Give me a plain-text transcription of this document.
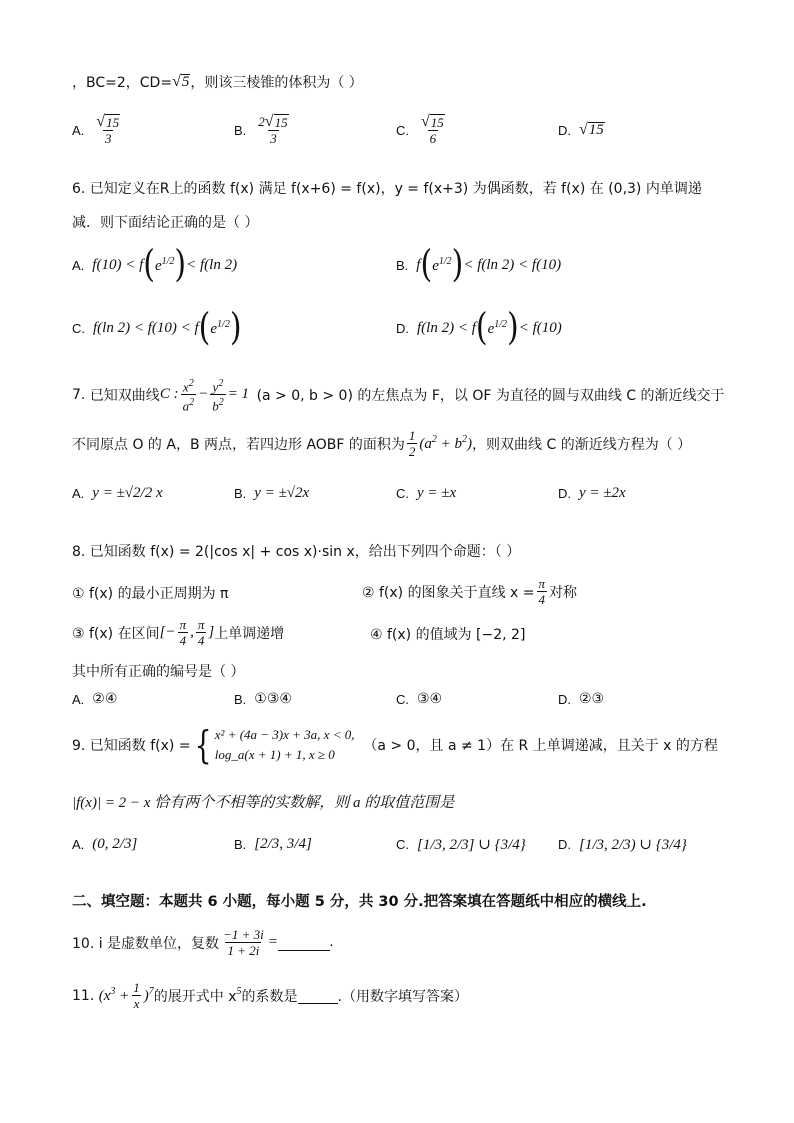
，BC=2，CD= √ 5 ，则该三棱锥的体积为（ ）
A. $\frac{√ 15}{3}$	B. $\frac{2 √ 15}{3}$	C. $\frac{√ 15}{6}$	D. √ 15
6. 已知定义在R上的函数 f(x) 满足 f(x+6) = f(x)，y = f(x+3) 为偶函数，若 f(x) 在 (0,3) 内单调递
减．则下面结论正确的是（ ）
A. f(10) < f ( $e^{1/2}$ ) < f(ln 2)	B. f ( $e^{1/2}$ ) < f(ln 2) < f(10)
C. f(ln 2) < f(10) < f ( $e^{1/2}$ )	D. f(ln 2) < f ( $e^{1/2}$ ) < f(10)
7.
已知双曲线 C : $\frac{x^2}{a^2} - \frac{y^2}{b^2} = 1$ (a > 0, b > 0) 的左焦点为 F，以 OF 为直径的圆与双曲线 C 的渐近线交于
不同原点 O 的 A，B 两点，若四边形 AOBF 的面积为 $\frac{1}{2} (a^2 + b^2)$ ，则双曲线 C 的渐近线方程为（ ）
A. y = ±√2/2 x	B. y = ±√2x	C. y = ±x	D. y = ±2x
8. 已知函数 f(x) = 2(|cos x| + cos x)·sin x，给出下列四个命题：（ ）
① f(x) 的最小正周期为 π	② f(x) 的图象关于直线 $x = \frac{\pi}{4}$ 对称
③ f(x) 在区间 [− $\frac{\pi}{4}$ , $\frac{\pi}{4}$ ] 上单调递增	④ f(x) 的值域为 [−2, 2]
其中所有正确的编号是（ ）
A. ②④	B. ①③④	C. ③④	D. ②③
9. 已知函数 f(x) = { x² + (4a − 3)x + 3a, x < 0,
log_a(x + 1) + 1, x ≥ 0

（a > 0，且 a ≠ 1）在 R 上单调递减，且关于 x 的方程
|f(x)| = 2 − x 恰有两个不相等的实数解，则 a 的取值范围是
A. (0, 2/3]	B. [2/3, 3/4]	C. [1/3, 2/3] ∪ {3/4} D. [1/3, 2/3) ∪ {3/4}
二、填空题：本题共 6 小题，每小题 5 分，共 30 分.把答案填在答题纸中相应的横线上.
10. i 是虚数单位，复数 $\frac{-1 + 3i}{1 + 2i}$ =	.
11.
$(x^3 + \frac{1}{x} )^7$ 的展开式中 x $^5$ 的系数是	.（用数字填写答案）
